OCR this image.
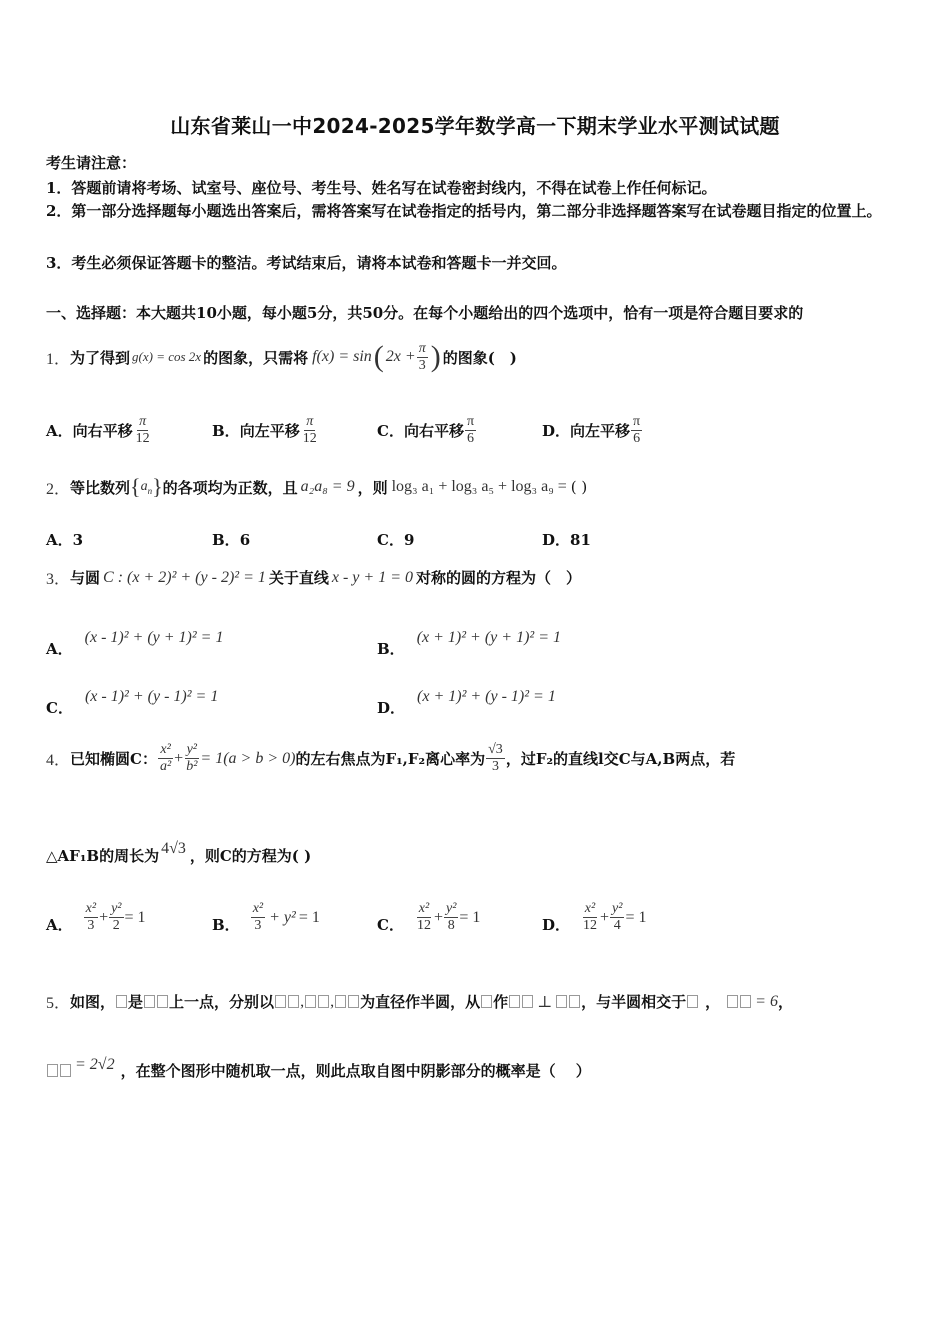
山东省莱山一中2024-2025学年数学高一下期末学业水平测试试题
考生请注意：
1．答题前请将考场、试室号、座位号、考生号、姓名写在试卷密封线内，不得在试卷上作任何标记。
2．第一部分选择题每小题选出答案后，需将答案写在试卷指定的括号内，第二部分非选择题答案写在试卷题目指定的位置上。
3．考生必须保证答题卡的整洁。考试结束后，请将本试卷和答题卡一并交回。
一、选择题：本大题共10小题，每小题5分，共50分。在每个小题给出的四个选项中，恰有一项是符合题目要求的
1． 为了得到 g(x) = cos 2x 的图象，只需将 f(x) = sin ( $2x + \frac{\pi}{3}$ ) 的图象(　)
A． 向右平移 $\frac{\pi}{12}$	B． 向左平移 $\frac{\pi}{12}$	C． 向右平移 $\frac{\pi}{6}$	D． 向左平移 $\frac{\pi}{6}$
2． 等比数列 { $a_n$ } 的各项均为正数，且 a₂a₈ = 9 ，则 log₃ a₁ + log₃ a₅ + log₃ a₉ = ( )
A．3	B．6	C．9	D．81
3． 与圆 C : (x + 2)² + (y - 2)² = 1 关于直线 x - y + 1 = 0 对称的圆的方程为（　）
A．
(x - 1)² + (y + 1)² = 1
B．
(x + 1)² + (y + 1)² = 1
C．
(x - 1)² + (y - 1)² = 1
D．
(x + 1)² + (y - 1)² = 1
4． 已知椭圆C： $\frac{\text{x²}}{\text{a²}} + \frac{\text{y²}}{\text{b²}} = 1(a > b > 0)$ 的左右焦点为F₁,F₂离心率为 $\frac{√3}{3}$ ，过F₂的直线l交C与A,B两点，若
△AF₁B的周长为 4√3 ，则C的方程为( )
A． $\frac{\text{x²}}{3} + \frac{\text{y²}}{2} = 1$	B． $\frac{\text{x²}}{3} + y^2 = 1$	C． $\frac{\text{x²}}{12} + \frac{\text{y²}}{8} = 1$	D． $\frac{\text{x²}}{12} + \frac{\text{y²}}{4} = 1$
5． 如图， 是 上一点，分别以 , , 为直径作半圆，从 作 ⊥ ，与半圆相交于 ， = 6 ，
= 2√2 ，在整个图形中随机取一点，则此点取自图中阴影部分的概率是（　 ）
